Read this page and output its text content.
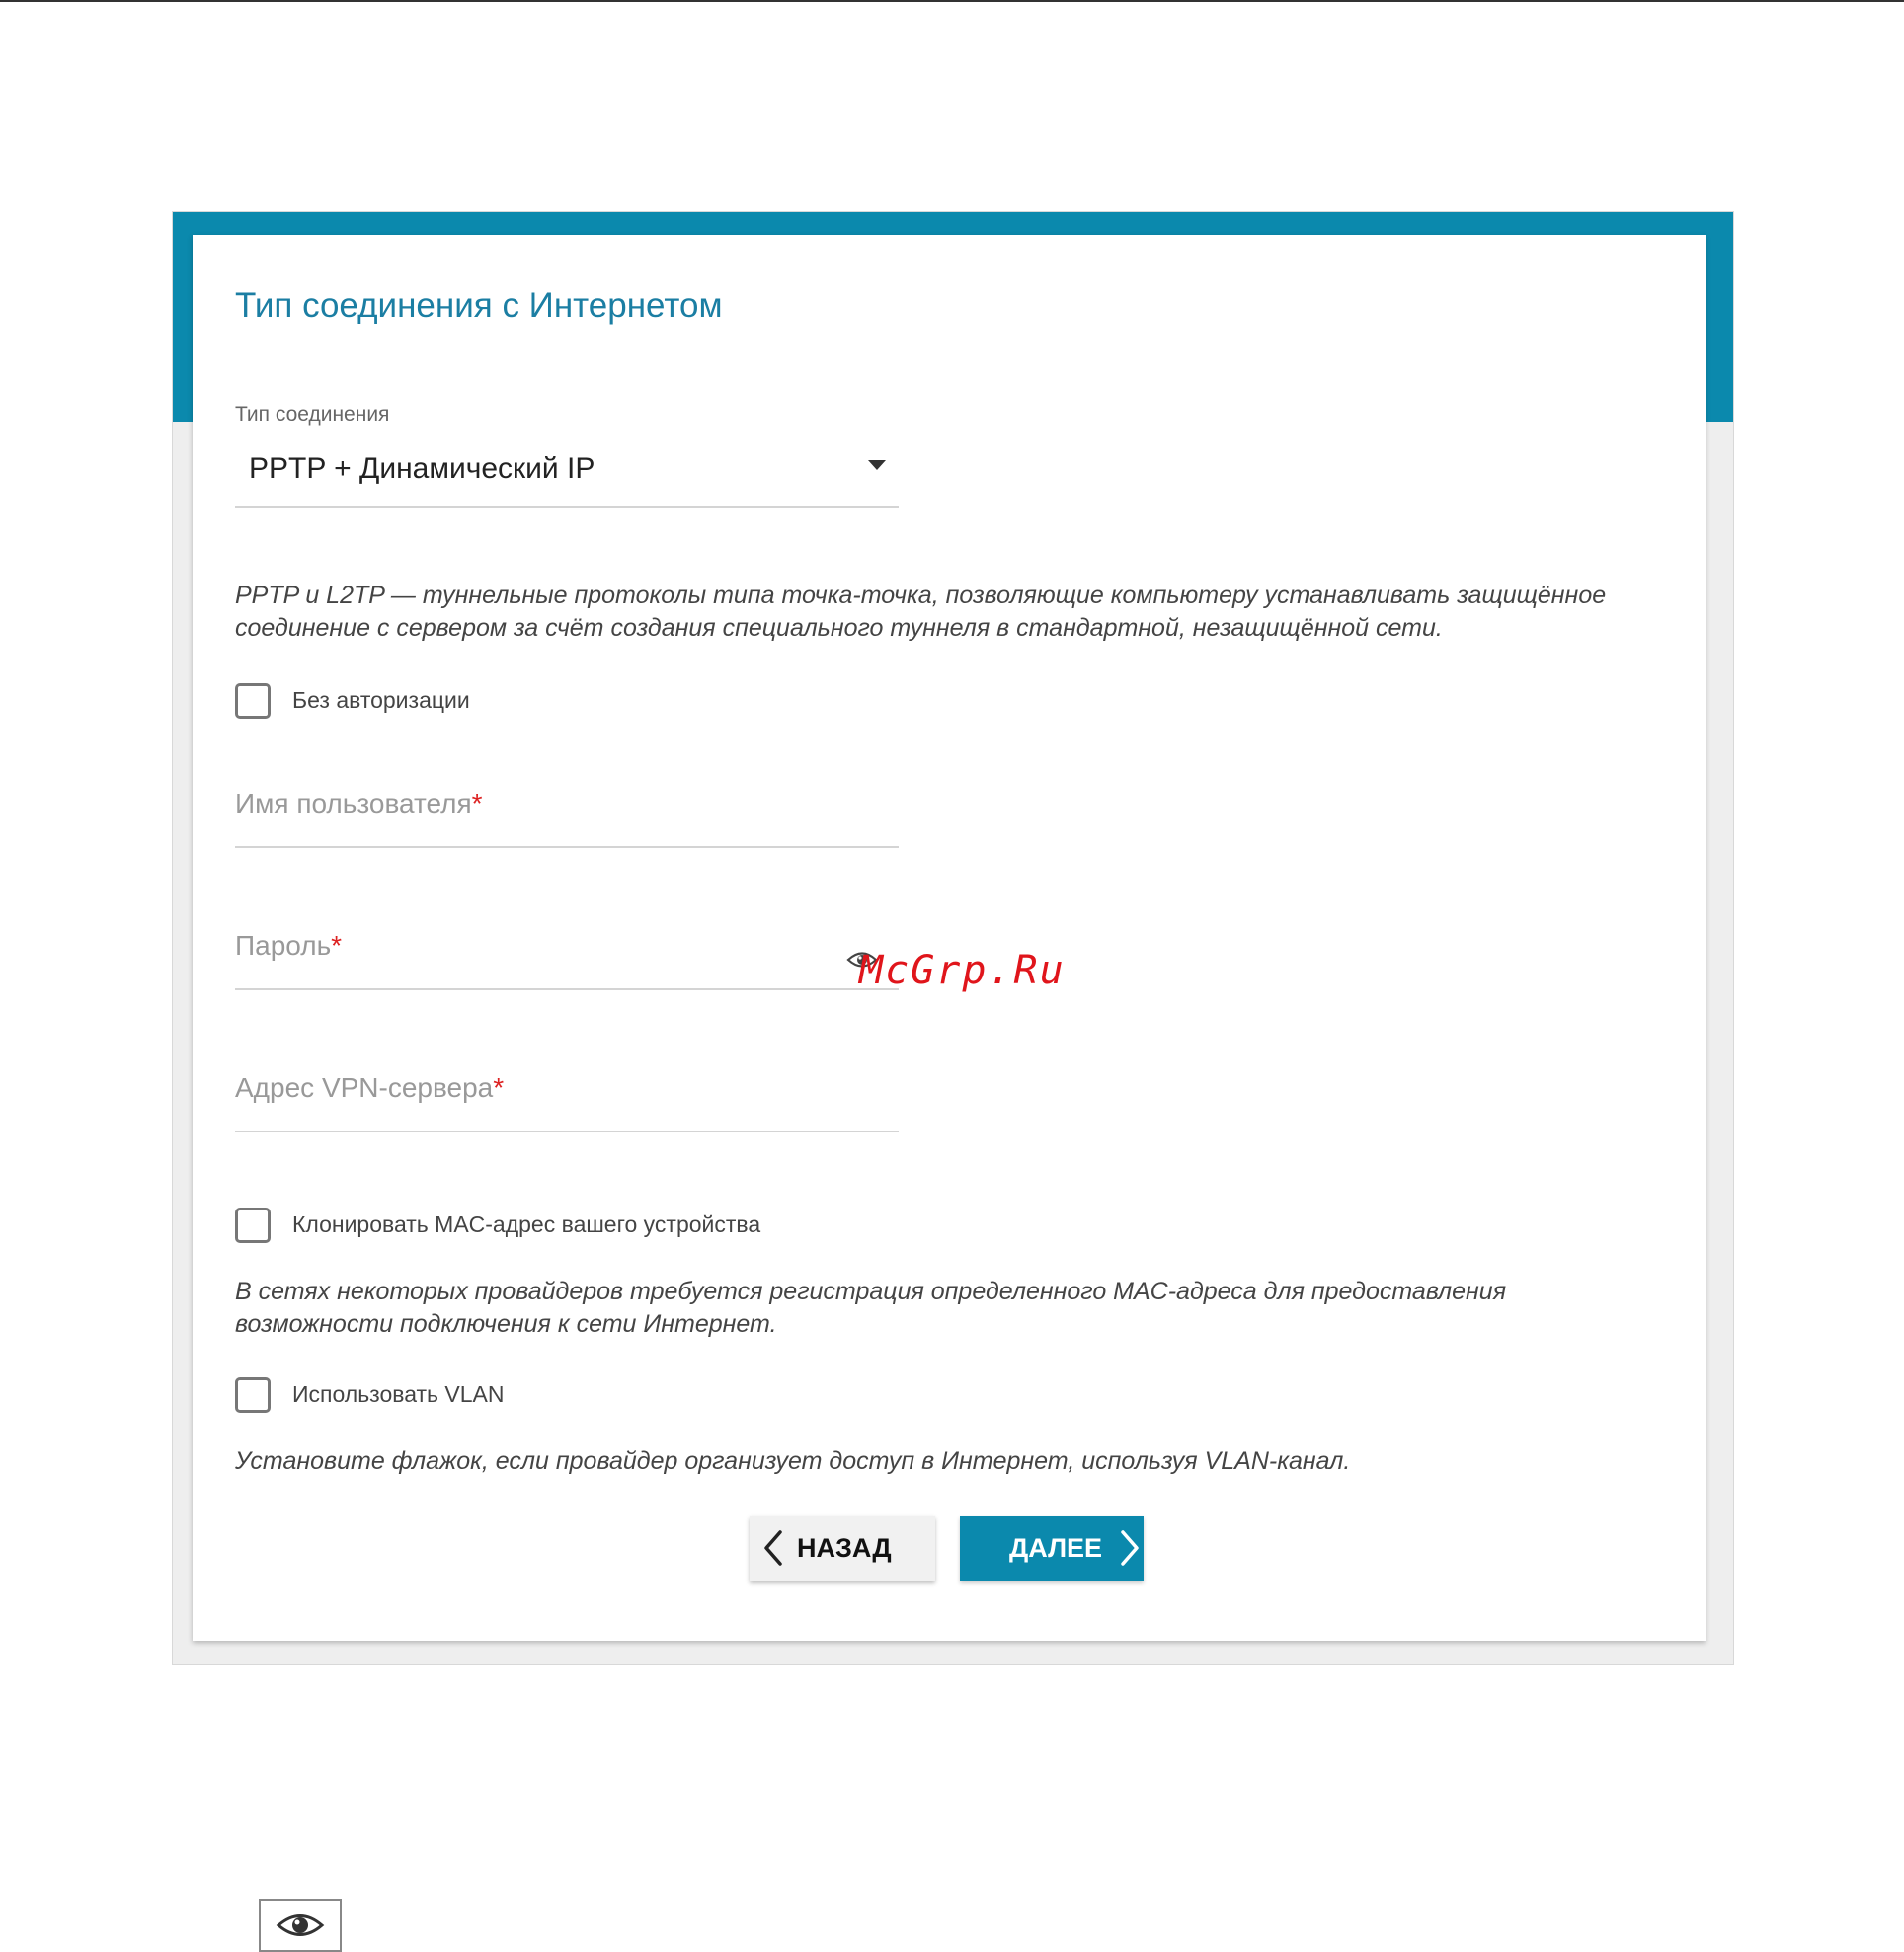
Тип соединения с Интернетом
Тип соединения
PPTP + Динамический IP
PPTP и L2TP — туннельные протоколы типа точка-точка, позволяющие компьютеру устанавливать защищённое соединение с сервером за счёт создания специального туннеля в стандартной, незащищённой сети.
Без авторизации
Имя пользователя*
Пароль*
Адрес VPN-сервера*
Клонировать MAC-адрес вашего устройства
В сетях некоторых провайдеров требуется регистрация определенного MAC-адреса для предоставления возможности подключения к сети Интернет.
Использовать VLAN
Установите флажок, если провайдер организует доступ в Интернет, используя VLAN-канал.
НАЗАД	ДАЛЕЕ
McGrp.Ru
